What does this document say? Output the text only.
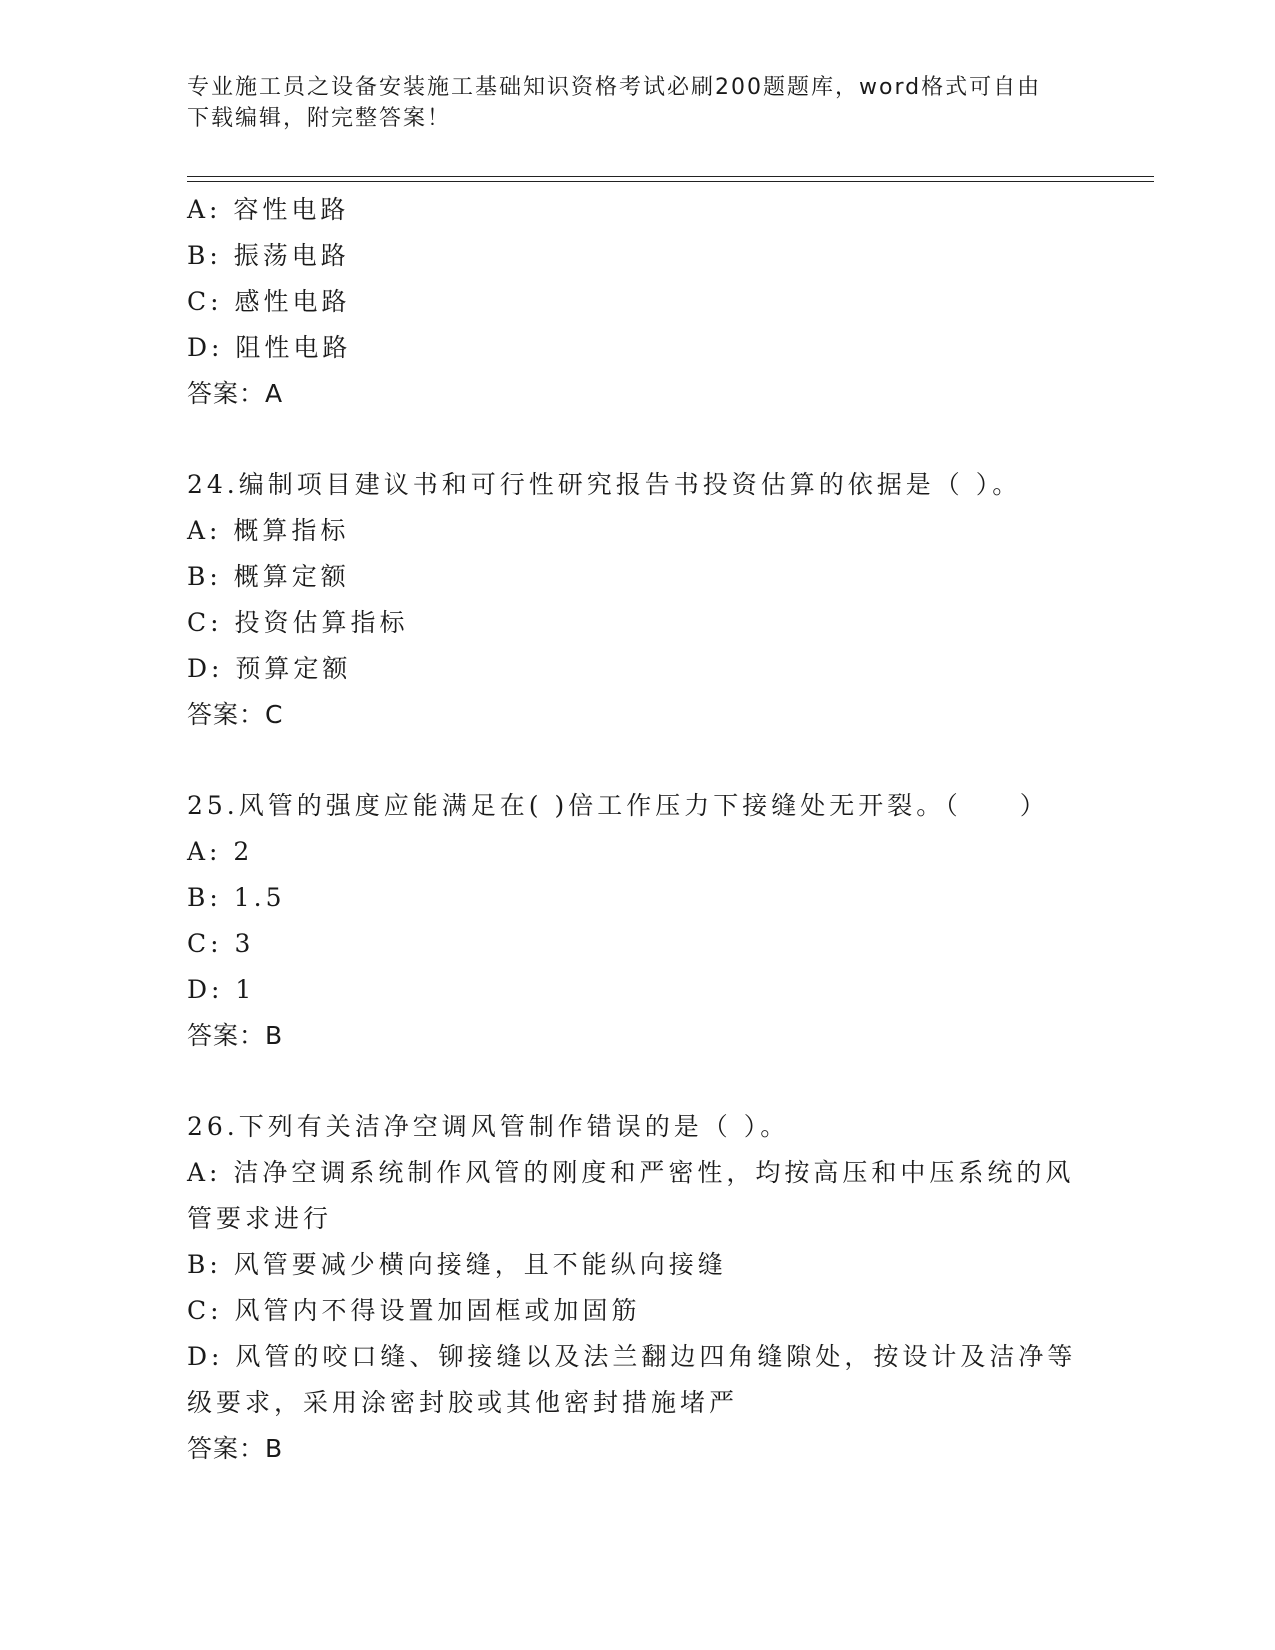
专业施工员之设备安装施工基础知识资格考试必刷200题题库，word格式可自由
下载编辑，附完整答案！
A: 容性电路
B: 振荡电路
C: 感性电路
D: 阻性电路
答案：A
24.编制项目建议书和可行性研究报告书投资估算的依据是（ ）。
A: 概算指标
B: 概算定额
C: 投资估算指标
D: 预算定额
答案：C
25.风管的强度应能满足在( )倍工作压力下接缝处无开裂。（　　）
A: 2
B: 1.5
C: 3
D: 1
答案：B
26.下列有关洁净空调风管制作错误的是（ ）。
A: 洁净空调系统制作风管的刚度和严密性，均按高压和中压系统的风
管要求进行
B: 风管要减少横向接缝，且不能纵向接缝
C: 风管内不得设置加固框或加固筋
D: 风管的咬口缝、铆接缝以及法兰翻边四角缝隙处，按设计及洁净等
级要求，采用涂密封胶或其他密封措施堵严
答案：B
